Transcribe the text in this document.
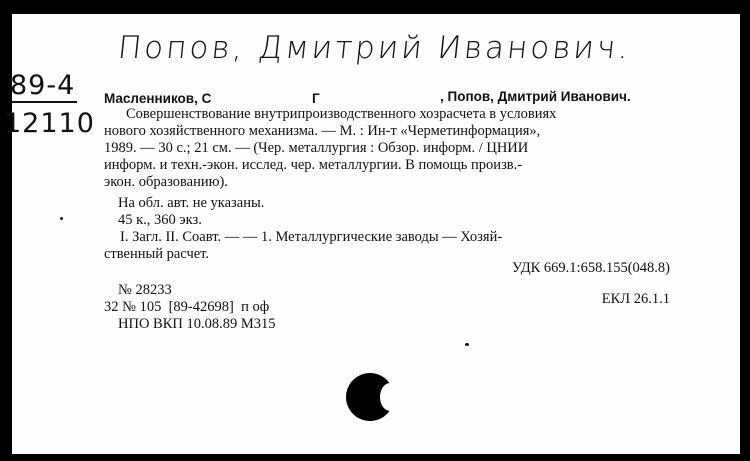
Попов, Дмитрий Иванович.
89-4
12110
Масленников, С	Г	, Попов, Дмитрий Иванович.
Совершенствование внутрипроизводственного хозрасчета в условиях
нового хозяйственного механизма. — М. : Ин-т «Черметинформация»,
1989. — 30 с.; 21 см. — (Чер. металлургия : Обзор. информ. / ЦНИИ
информ. и техн.-экон. исслед. чер. металлургии. В помощь произв.-
экон. образованию).
На обл. авт. не указаны.
45 к., 360 экз.
I. Загл. II. Соавт. — — 1. Металлургические заводы — Хозяй-
ственный расчет.
УДК 669.1:658.155(048.8)
№ 28233
32 № 105  [89-42698]  п оф
НПО ВКП 10.08.89 М315
ЕКЛ 26.1.1
